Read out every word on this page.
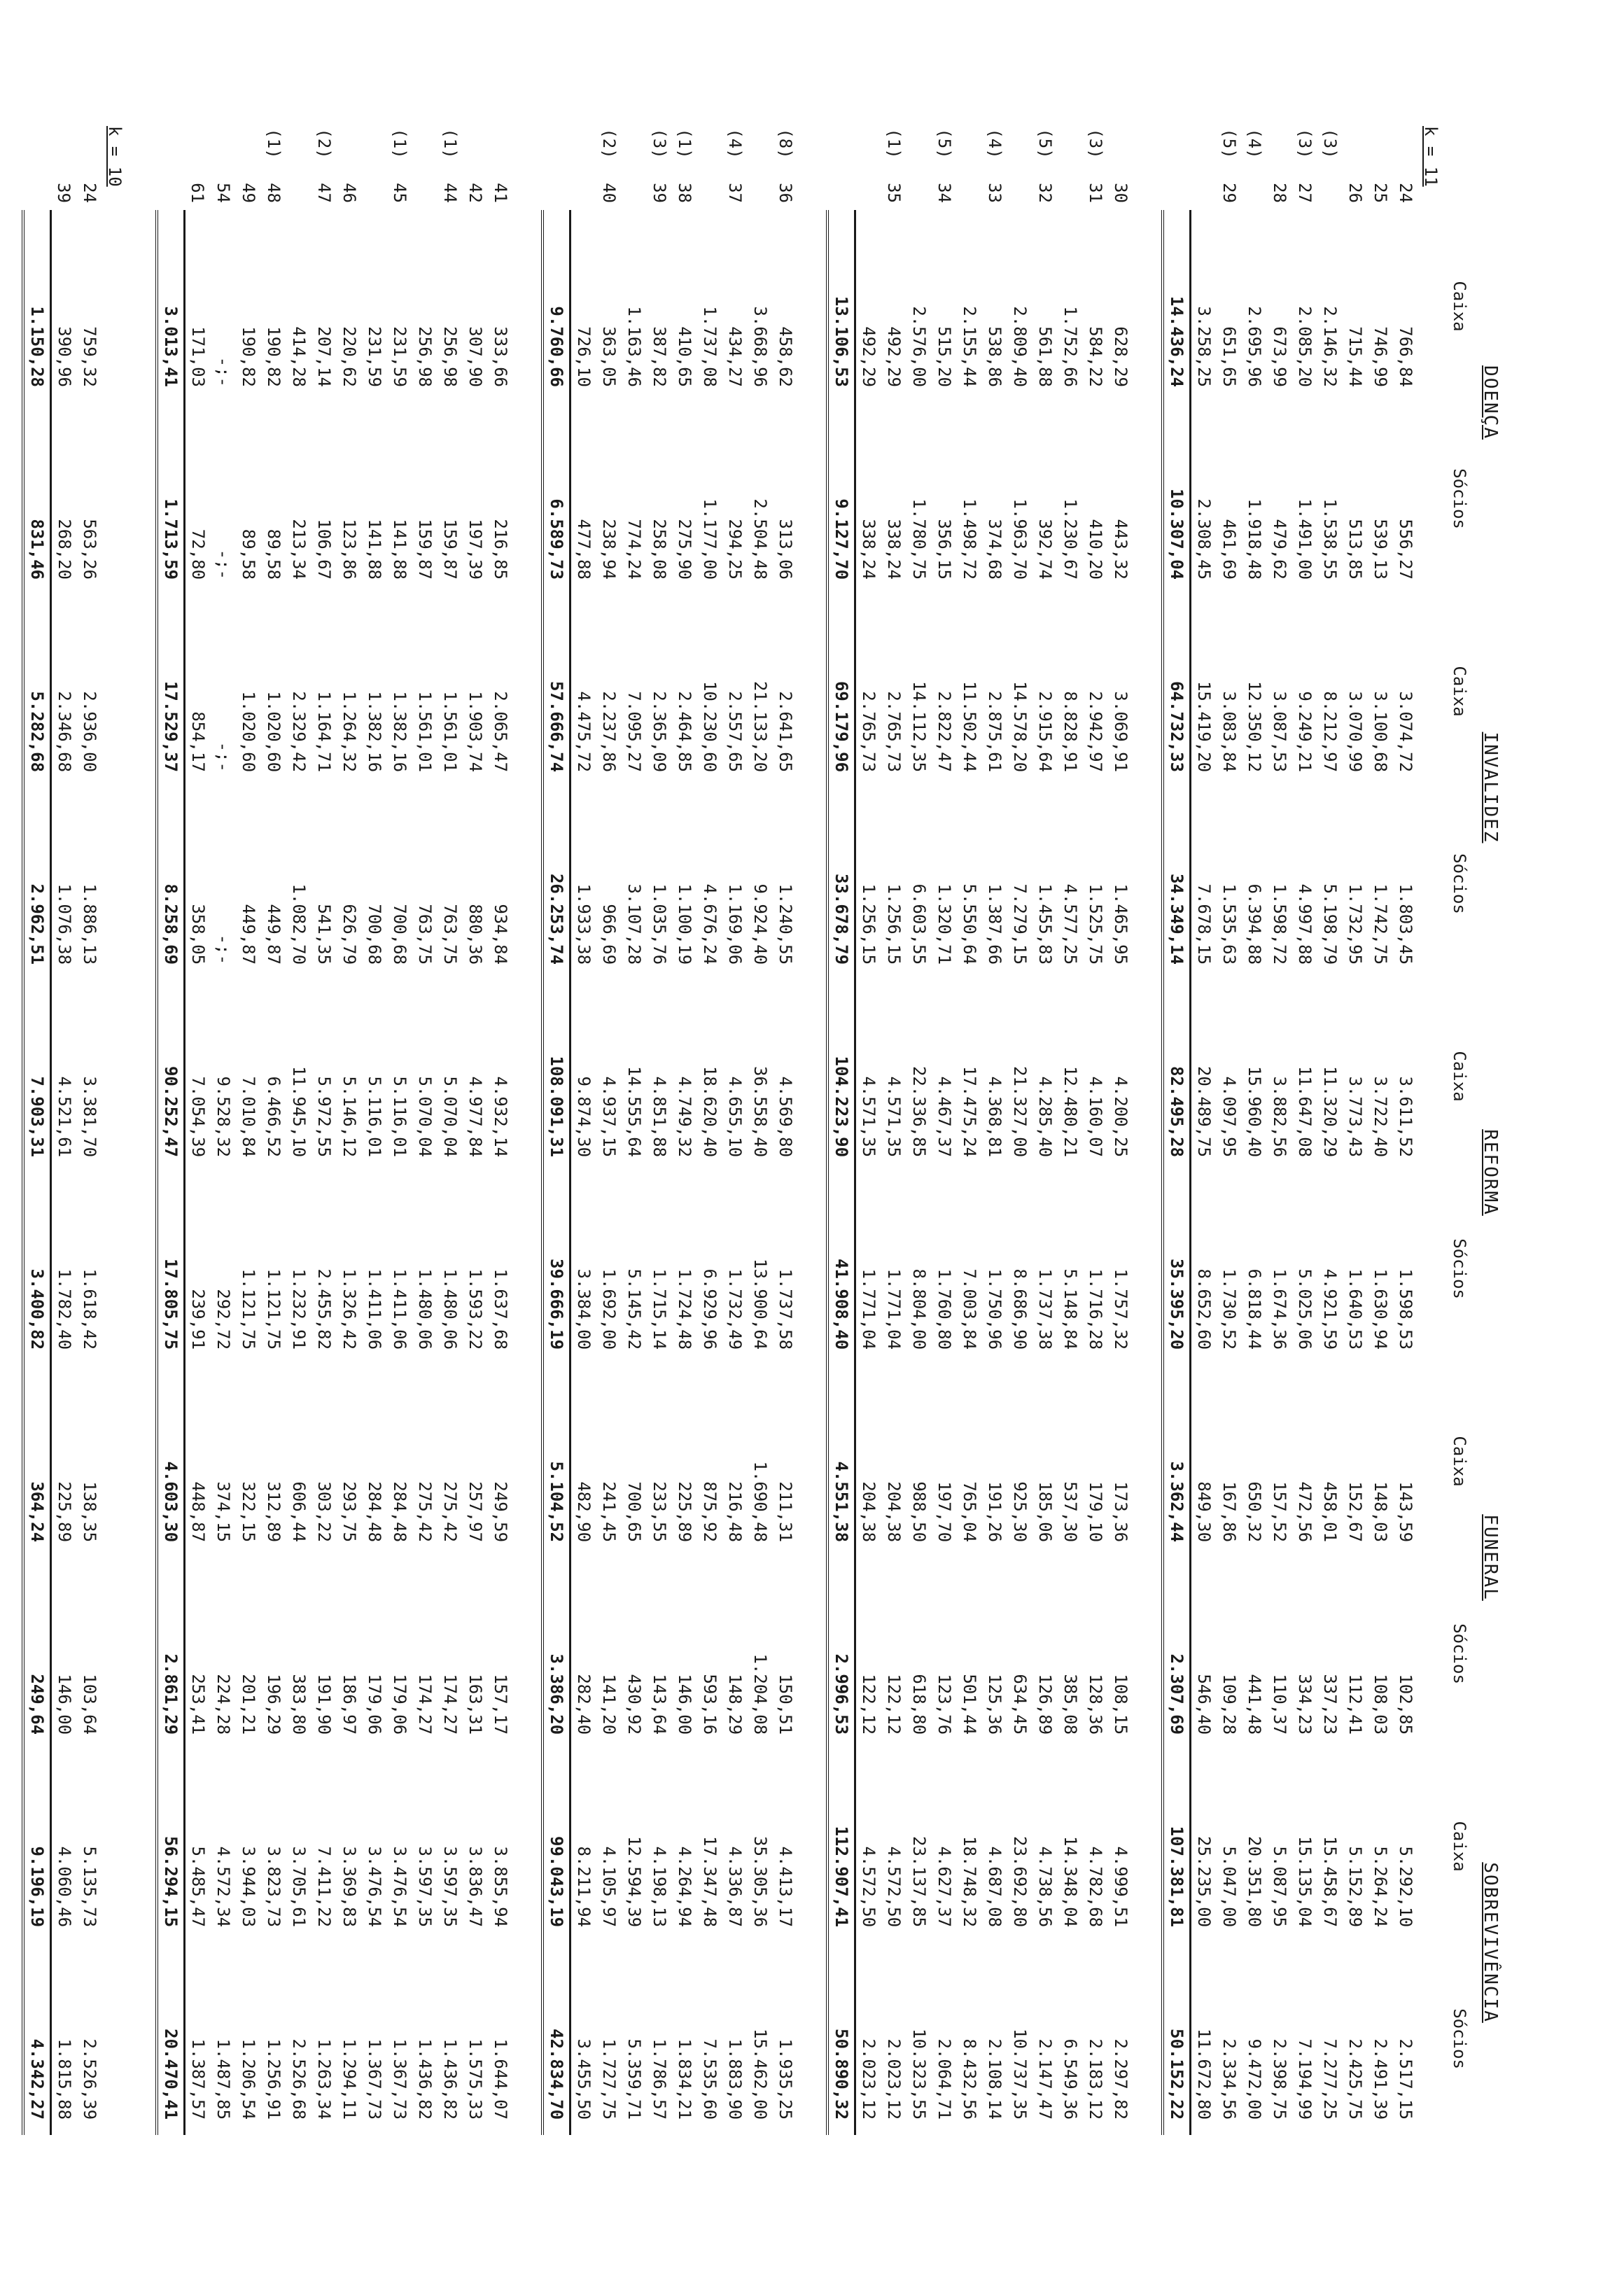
		DOENÇA		INVALIDEZ		REFORMA		FUNERAL		SOBREVIVÊNCIA	
		Caixa	Sócios	Caixa	Sócios	Caixa	Sócios	Caixa	Sócios	Caixa	Sócios
k = 11											
	24	766,84	556,27	3.074,72	1.803,45	3.611,52	1.598,53	143,59	102,85	5.292,10	2.517,15
	25	746,99	539,13	3.100,68	1.742,75	3.722,40	1.630,94	148,03	108,03	5.264,24	2.491,39
	26	715,44	513,85	3.070,99	1.732,95	3.773,43	1.640,53	152,67	112,41	5.152,89	2.425,75
(3)		2.146,32	1.538,55	8.212,97	5.198,79	11.320,29	4.921,59	458,01	337,23	15.458,67	7.277,25
(3)	27	2.085,20	1.491,00	9.249,21	4.997,88	11.647,08	5.025,06	472,56	334,23	15.135,04	7.194,99
	28	673,99	479,62	3.087,53	1.598,72	3.882,56	1.674,36	157,52	110,37	5.087,95	2.398,75
(4)		2.695,96	1.918,48	12.350,12	6.394,88	15.960,40	6.818,44	650,32	441,48	20.351,80	9.472,00
(5)	29	651,65	461,69	3.083,84	1.535,63	4.097,95	1.730,52	167,86	109,28	5.047,00	2.334,56
		3.258,25	2.308,45	15.419,20	7.678,15	20.489,75	8.652,60	849,30	546,40	25.235,00	11.672,80
		14.436,24	10.307,04	64.732,33	34.349,14	82.495,28	35.395,20	3.362,44	2.307,69	107.381,81	50.152,22

	30	628,29	443,32	3.069,91	1.465,95	4.200,25	1.757,32	173,36	108,15	4.999,51	2.297,82
(3)	31	584,22	410,20	2.942,97	1.525,75	4.160,07	1.716,28	179,10	128,36	4.782,68	2.183,12
		1.752,66	1.230,67	8.828,91	4.577,25	12.480,21	5.148,84	537,30	385,08	14.348,04	6.549,36
(5)	32	561,88	392,74	2.915,64	1.455,83	4.285,40	1.737,38	185,06	126,89	4.738,56	2.147,47
		2.809,40	1.963,70	14.578,20	7.279,15	21.327,00	8.686,90	925,30	634,45	23.692,80	10.737,35
(4)	33	538,86	374,68	2.875,61	1.387,66	4.368,81	1.750,96	191,26	125,36	4.687,08	2.108,14
		2.155,44	1.498,72	11.502,44	5.550,64	17.475,24	7.003,84	765,04	501,44	18.748,32	8.432,56
(5)	34	515,20	356,15	2.822,47	1.320,71	4.467,37	1.760,80	197,70	123,76	4.627,37	2.064,71
		2.576,00	1.780,75	14.112,35	6.603,55	22.336,85	8.804,00	988,50	618,80	23.137,85	10.323,55
(1)	35	492,29	338,24	2.765,73	1.256,15	4.571,35	1.771,04	204,38	122,12	4.572,50	2.023,12
		492,29	338,24	2.765,73	1.256,15	4.571,35	1.771,04	204,38	122,12	4.572,50	2.023,12
		13.106,53	9.127,70	69.179,96	33.678,79	104.223,90	41.908,40	4.551,38	2.996,53	112.907,41	50.890,32

(8)	36	458,62	313,06	2.641,65	1.240,55	4.569,80	1.737,58	211,31	150,51	4.413,17	1.935,25
		3.668,96	2.504,48	21.133,20	9.924,40	36.558,40	13.900,64	1.690,48	1.204,08	35.305,36	15.462,00
(4)	37	434,27	294,25	2.557,65	1.169,06	4.655,10	1.732,49	216,48	148,29	4.336,87	1.883,90
		1.737,08	1.177,00	10.230,60	4.676,24	18.620,40	6.929,96	875,92	593,16	17.347,48	7.535,60
(1)	38	410,65	275,90	2.464,85	1.100,19	4.749,32	1.724,48	225,89	146,00	4.264,94	1.834,21
(3)	39	387,82	258,08	2.365,09	1.035,76	4.851,88	1.715,14	233,55	143,64	4.198,13	1.786,57
		1.163,46	774,24	7.095,27	3.107,28	14.555,64	5.145,42	700,65	430,92	12.594,39	5.359,71
(2)	40	363,05	238,94	2.237,86	966,69	4.937,15	1.692,00	241,45	141,20	4.105,97	1.727,75
		726,10	477,88	4.475,72	1.933,38	9.874,30	3.384,00	482,90	282,40	8.211,94	3.455,50
		9.760,66	6.589,73	57.666,74	26.253,74	108.091,31	39.666,19	5.104,52	3.386,20	99.043,19	42.834,70

	41	333,66	216,85	2.065,47	934,84	4.932,14	1.637,68	249,59	157,17	3.855,94	1.644,07
	42	307,90	197,39	1.903,74	880,36	4.977,84	1.593,22	257,97	163,31	3.836,47	1.575,33
(1)	44	256,98	159,87	1.561,01	763,75	5.070,04	1.480,06	275,42	174,27	3.597,35	1.436,82
		256,98	159,87	1.561,01	763,75	5.070,04	1.480,06	275,42	174,27	3.597,35	1.436,82
(1)	45	231,59	141,88	1.382,16	700,68	5.116,01	1.411,06	284,48	179,06	3.476,54	1.367,73
		231,59	141,88	1.382,16	700,68	5.116,01	1.411,06	284,48	179,06	3.476,54	1.367,73
	46	220,62	123,86	1.264,32	626,79	5.146,12	1.326,42	293,75	186,97	3.369,83	1.294,11
(2)	47	207,14	106,67	1.164,71	541,35	5.972,55	2.455,82	303,22	191,90	7.411,22	1.263,34
		414,28	213,34	2.329,42	1.082,70	11.945,10	1.232,91	606,44	383,80	3.705,61	2.526,68
(1)	48	190,82	89,58	1.020,60	449,87	6.466,52	1.121,75	312,89	196,29	3.823,73	1.256,91
	49	190,82	89,58	1.020,60	449,87	7.010,84	1.121,75	322,15	201,21	3.944,03	1.206,54
	54	-;-	-;-	-;-	-;-	9.528,32	292,72	374,15	224,28	4.572,34	1.487,85
	61	171,03	72,80	854,17	358,05	7.054,39	239,91	448,87	253,41	5.485,47	1.387,57
		3.013,41	1.713,59	17.529,37	8.258,69	90.252,47	17.805,75	4.603,30	2.861,29	56.294,15	20.470,41

k = 10											
	24	759,32	563,26	2.936,00	1.886,13	3.381,70	1.618,42	138,35	103,64	5.135,73	2.526,39
	39	390,96	268,20	2.346,68	1.076,38	4.521,61	1.782,40	225,89	146,00	4.060,46	1.815,88
		1.150,28	831,46	5.282,68	2.962,51	7.903,31	3.400,82	364,24	249,64	9.196,19	4.342,27
